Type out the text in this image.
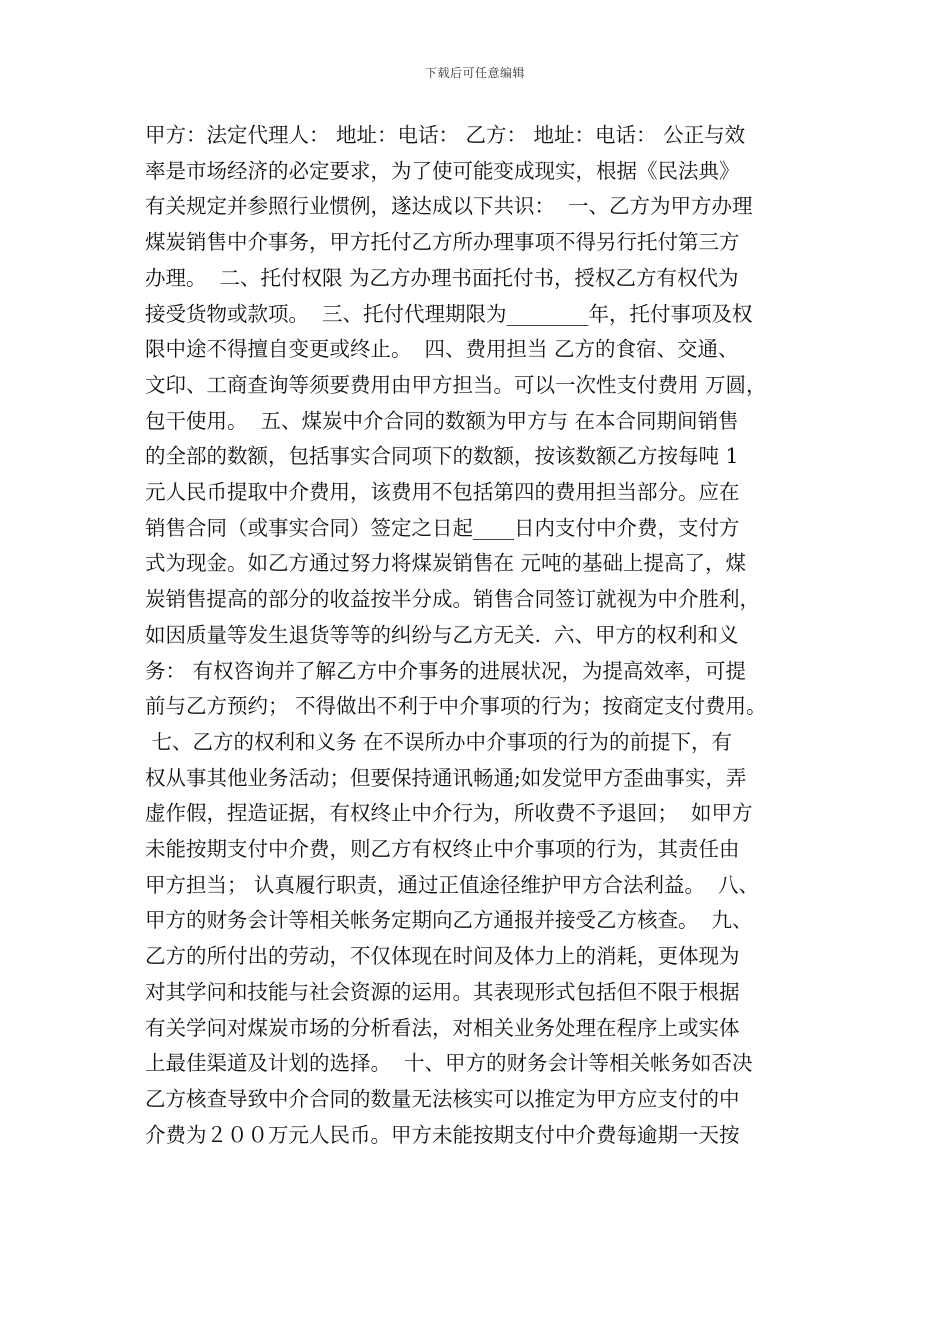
下载后可任意编辑
甲方：法定代理人： 地址：电话： 乙方： 地址：电话： 公正与效
率是市场经济的必定要求，为了使可能变成现实，根据《民法典》
有关规定并参照行业惯例，遂达成以下共识：  一、乙方为甲方办理
煤炭销售中介事务，甲方托付乙方所办理事项不得另行托付第三方
办理。  二、托付权限 为乙方办理书面托付书，授权乙方有权代为
接受货物或款项。  三、托付代理期限为________年，托付事项及权
限中途不得擅自变更或终止。  四、费用担当 乙方的食宿、交通、
文印、工商查询等须要费用由甲方担当。可以一次性支付费用 万圆，
包干使用。  五、煤炭中介合同的数额为甲方与 在本合同期间销售
的全部的数额，包括事实合同项下的数额，按该数额乙方按每吨 1
元人民币提取中介费用，该费用不包括第四的费用担当部分。应在
销售合同（或事实合同）签定之日起____日内支付中介费，支付方
式为现金。如乙方通过努力将煤炭销售在 元吨的基础上提高了，煤
炭销售提高的部分的收益按半分成。销售合同签订就视为中介胜利，
如因质量等发生退货等等的纠纷与乙方无关.  六、甲方的权利和义
务： 有权咨询并了解乙方中介事务的进展状况，为提高效率，可提
前与乙方预约； 不得做出不利于中介事项的行为；按商定支付费用。
七、乙方的权利和义务 在不误所办中介事项的行为的前提下，有
权从事其他业务活动；但要保持通讯畅通;如发觉甲方歪曲事实，弄
虚作假，捏造证据，有权终止中介行为，所收费不予退回；  如甲方
未能按期支付中介费，则乙方有权终止中介事项的行为，其责任由
甲方担当； 认真履行职责，通过正值途径维护甲方合法利益。  八、
甲方的财务会计等相关帐务定期向乙方通报并接受乙方核查。  九、
乙方的所付出的劳动，不仅体现在时间及体力上的消耗，更体现为
对其学问和技能与社会资源的运用。其表现形式包括但不限于根据
有关学问对煤炭市场的分析看法，对相关业务处理在程序上或实体
上最佳渠道及计划的选择。  十、甲方的财务会计等相关帐务如否决
乙方核查导致中介合同的数量无法核实可以推定为甲方应支付的中
介费为２００万元人民币。甲方未能按期支付中介费每逾期一天按
